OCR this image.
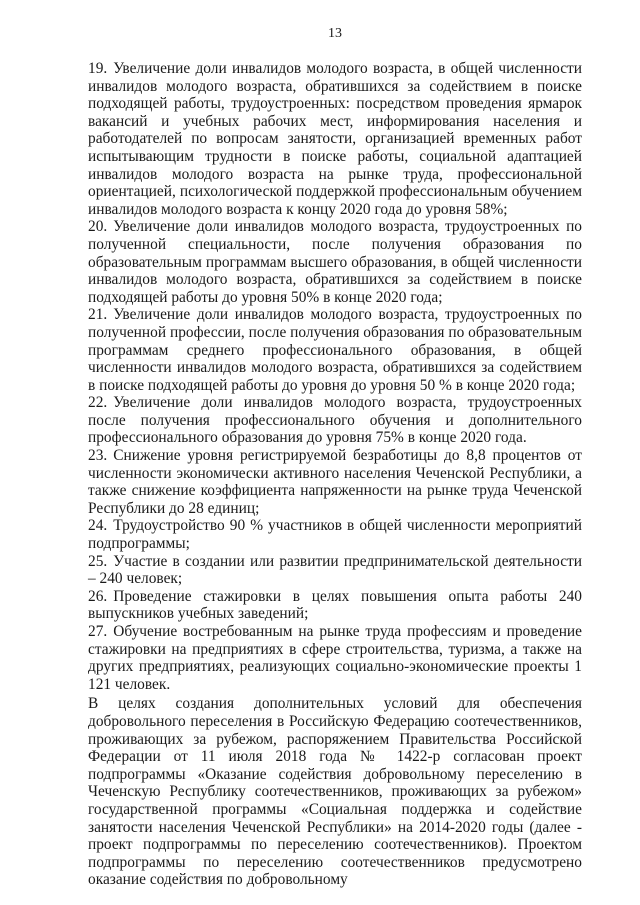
13

19. Увеличение доли инвалидов молодого возраста, в общей численности инвалидов молодого возраста, обратившихся за содействием в поиске подходящей работы, трудоустроенных: посредством проведения ярмарок вакансий и учебных рабочих мест, информирования населения и работодателей по вопросам занятости, организацией временных работ испытывающим трудности в поиске работы, социальной адаптацией инвалидов молодого возраста на рынке труда, профессиональной ориентацией, психологической поддержкой профессиональным обучением инвалидов молодого возраста к концу 2020 года до уровня 58%;

20. Увеличение доли инвалидов молодого возраста, трудоустроенных по полученной специальности, после получения образования по образовательным программам высшего образования, в общей численности инвалидов молодого возраста, обратившихся за содействием в поиске подходящей работы до уровня 50% в конце 2020 года;

21. Увеличение доли инвалидов молодого возраста, трудоустроенных по полученной профессии, после получения образования по образовательным программам среднего профессионального образования, в общей численности инвалидов молодого возраста, обратившихся за содействием в поиске подходящей работы до уровня до уровня 50 % в конце 2020 года;

22. Увеличение доли инвалидов молодого возраста, трудоустроенных после получения профессионального обучения и дополнительного профессионального образования до уровня 75% в конце 2020 года.

23. Снижение уровня регистрируемой безработицы до 8,8 процентов от численности экономически активного населения Чеченской Республики, а также снижение коэффициента напряженности на рынке труда Чеченской Республики до 28 единиц;

24. Трудоустройство 90 % участников в общей численности мероприятий подпрограммы;

25. Участие в создании или развитии предпринимательской деятельности – 240 человек;

26. Проведение стажировки в целях повышения опыта работы 240 выпускников учебных заведений;

27. Обучение востребованным на рынке труда профессиям и проведение стажировки на предприятиях в сфере строительства, туризма, а также на других предприятиях, реализующих социально-экономические проекты 1 121 человек.

В целях создания дополнительных условий для обеспечения добровольного переселения в Российскую Федерацию соотечественников, проживающих за рубежом, распоряжением Правительства Российской Федерации от 11 июля 2018 года № 1422-р согласован проект подпрограммы «Оказание содействия добровольному переселению в Чеченскую Республику соотечественников, проживающих за рубежом» государственной программы «Социальная поддержка и содействие занятости населения Чеченской Республики» на 2014-2020 годы (далее - проект подпрограммы по переселению соотечественников). Проектом подпрограммы по переселению соотечественников предусмотрено оказание содействия по добровольному
